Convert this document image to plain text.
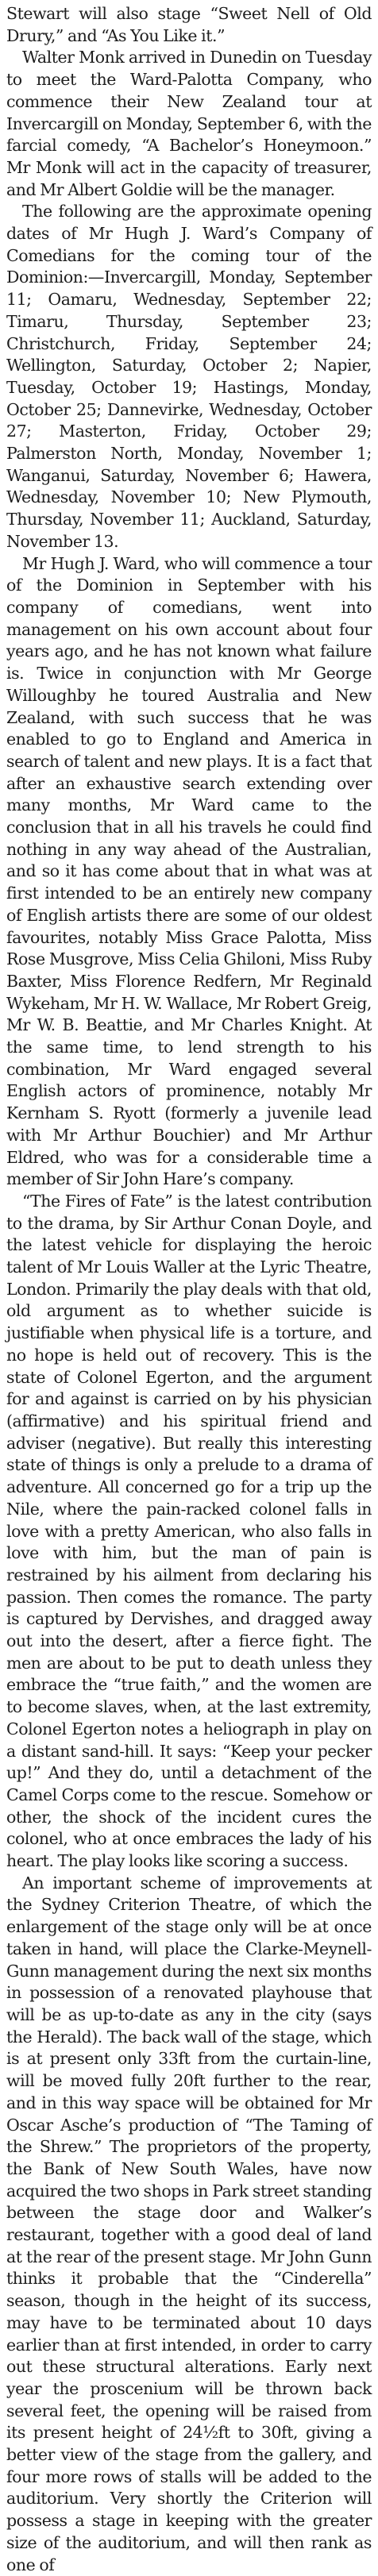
Stewart will also stage “Sweet Nell of Old Drury,” and “As You Like it.”

Walter Monk arrived in Dunedin on Tuesday to meet the Ward-Palotta Company, who commence their New Zealand tour at Invercargill on Monday, September 6, with the farcial comedy, “A Bachelor’s Honeymoon.” Mr Monk will act in the capacity of treasurer, and Mr Albert Goldie will be the manager.

The following are the approximate opening dates of Mr Hugh J. Ward’s Company of Comedians for the coming tour of the Dominion:—Invercargill, Monday, September 11; Oamaru, Wednesday, September 22; Timaru, Thursday, September 23; Christchurch, Friday, September 24; Wellington, Saturday, October 2; Napier, Tuesday, October 19; Hastings, Monday, October 25; Dannevirke, Wednesday, October 27; Masterton, Friday, October 29; Palmerston North, Monday, November 1; Wanganui, Saturday, November 6; Hawera, Wednesday, November 10; New Plymouth, Thursday, November 11; Auckland, Saturday, November 13.

Mr Hugh J. Ward, who will commence a tour of the Dominion in September with his company of comedians, went into management on his own account about four years ago, and he has not known what failure is. Twice in conjunction with Mr George Willoughby he toured Australia and New Zealand, with such success that he was enabled to go to England and America in search of talent and new plays. It is a fact that after an exhaustive search extending over many months, Mr Ward came to the conclusion that in all his travels he could find nothing in any way ahead of the Australian, and so it has come about that in what was at first intended to be an entirely new company of English artists there are some of our oldest favourites, notably Miss Grace Palotta, Miss Rose Musgrove, Miss Celia Ghiloni, Miss Ruby Baxter, Miss Florence Redfern, Mr Reginald Wykeham, Mr H. W. Wallace, Mr Robert Greig, Mr W. B. Beattie, and Mr Charles Knight. At the same time, to lend strength to his combination, Mr Ward engaged several English actors of prominence, notably Mr Kernham S. Ryott (formerly a juvenile lead with Mr Arthur Bouchier) and Mr Arthur Eldred, who was for a considerable time a member of Sir John Hare’s company.

“The Fires of Fate” is the latest contribution to the drama, by Sir Arthur Conan Doyle, and the latest vehicle for displaying the heroic talent of Mr Louis Waller at the Lyric Theatre, London. Primarily the play deals with that old, old argument as to whether suicide is justifiable when physical life is a torture, and no hope is held out of recovery. This is the state of Colonel Egerton, and the argument for and against is carried on by his physician (affirmative) and his spiritual friend and adviser (negative). But really this interesting state of things is only a prelude to a drama of adventure. All concerned go for a trip up the Nile, where the pain-racked colonel falls in love with a pretty American, who also falls in love with him, but the man of pain is restrained by his ailment from declaring his passion. Then comes the romance. The party is captured by Dervishes, and dragged away out into the desert, after a fierce fight. The men are about to be put to death unless they embrace the “true faith,” and the women are to become slaves, when, at the last extremity, Colonel Egerton notes a heliograph in play on a distant sand-hill. It says: “Keep your pecker up!” And they do, until a detachment of the Camel Corps come to the rescue. Somehow or other, the shock of the incident cures the colonel, who at once embraces the lady of his heart. The play looks like scoring a success.

An important scheme of improvements at the Sydney Criterion Theatre, of which the enlargement of the stage only will be at once taken in hand, will place the Clarke-Meynell-Gunn management during the next six months in possession of a renovated playhouse that will be as up-to-date as any in the city (says the Herald). The back wall of the stage, which is at present only 33ft from the curtain-line, will be moved fully 20ft further to the rear, and in this way space will be obtained for Mr Oscar Asche’s production of “The Taming of the Shrew.” The proprietors of the property, the Bank of New South Wales, have now acquired the two shops in Park street standing between the stage door and Walker’s restaurant, together with a good deal of land at the rear of the present stage. Mr John Gunn thinks it probable that the “Cinderella” season, though in the height of its success, may have to be terminated about 10 days earlier than at first intended, in order to carry out these structural alterations. Early next year the proscenium will be thrown back several feet, the opening will be raised from its present height of 24½ft to 30ft, giving a better view of the stage from the gallery, and four more rows of stalls will be added to the auditorium. Very shortly the Criterion will possess a stage in keeping with the greater size of the auditorium, and will then rank as one of
